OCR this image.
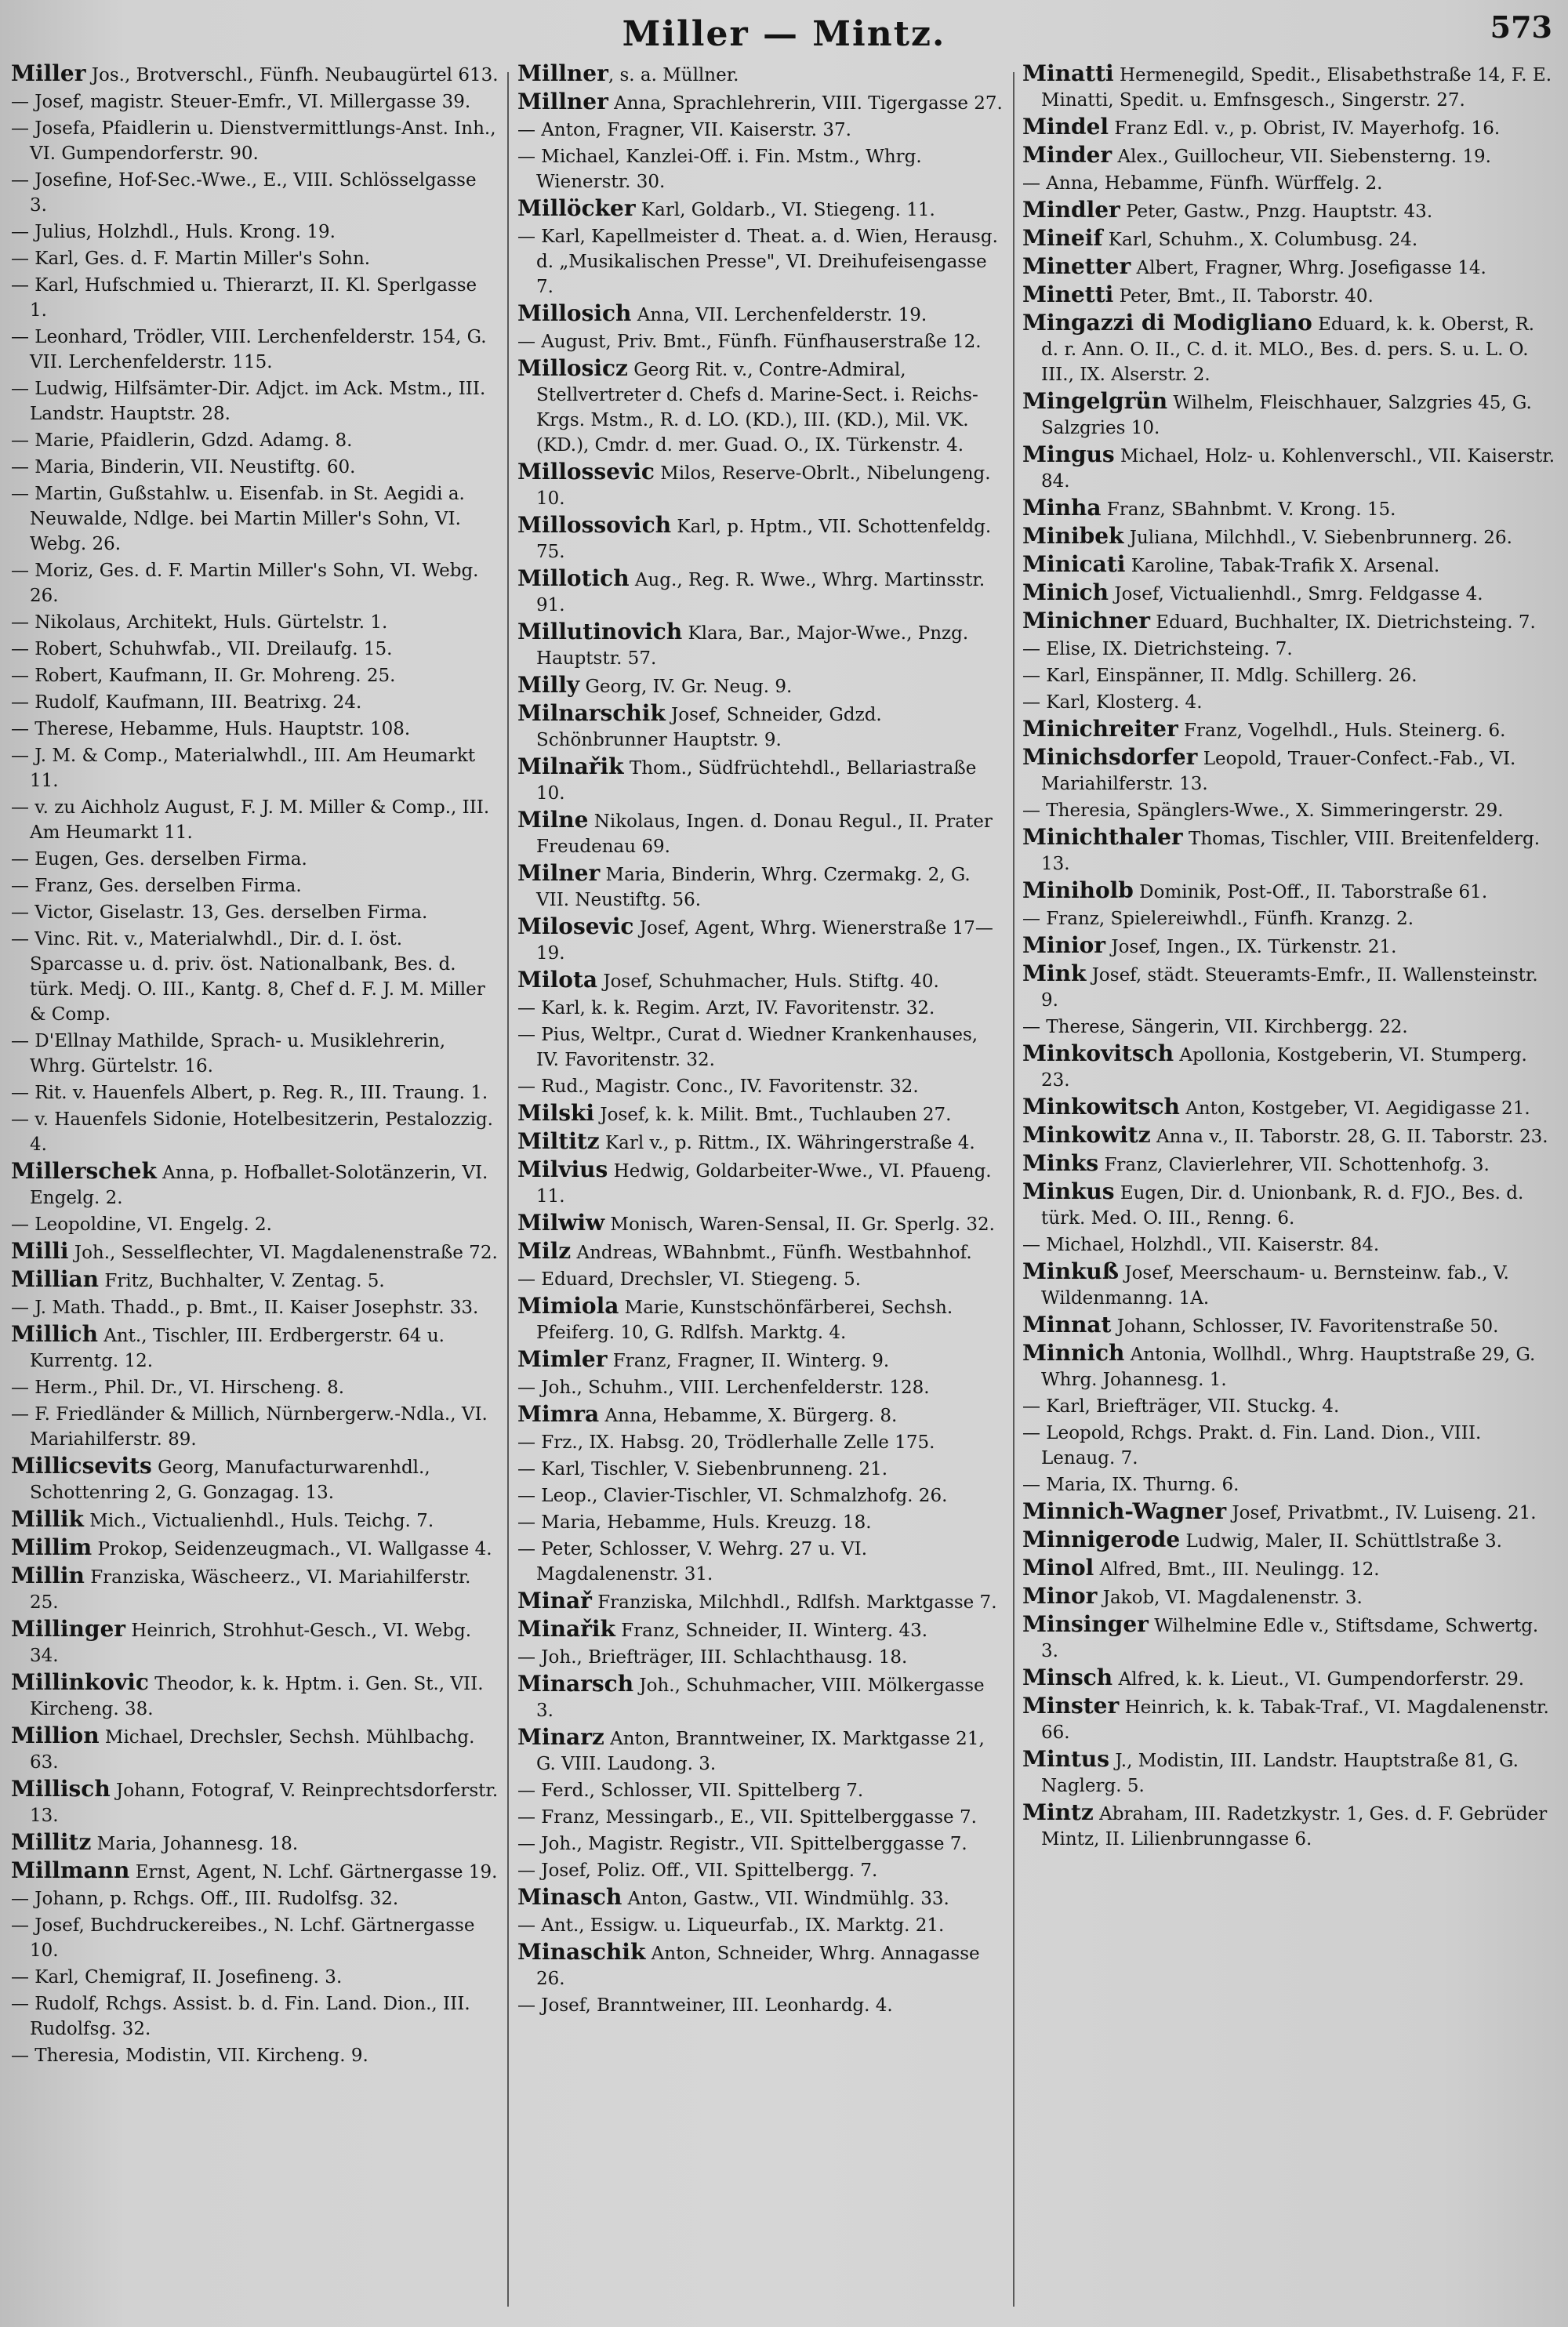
Miller — Mintz.	573
Miller Jos., Brotverschl., Fünfh. Neubaugürtel 613.
— Josef, magistr. Steuer-Emfr., VI. Millergasse 39.
— Josefa, Pfaidlerin u. Dienstvermittlungs-Anst. Inh., VI. Gumpendorferstr. 90.
— Josefine, Hof-Sec.-Wwe., E., VIII. Schlösselgasse 3.
— Julius, Holzhdl., Huls. Krong. 19.
— Karl, Ges. d. F. Martin Miller's Sohn.
— Karl, Hufschmied u. Thierarzt, II. Kl. Sperlgasse 1.
— Leonhard, Trödler, VIII. Lerchenfelderstr. 154, G. VII. Lerchenfelderstr. 115.
— Ludwig, Hilfsämter-Dir. Adjct. im Ack. Mstm., III. Landstr. Hauptstr. 28.
— Marie, Pfaidlerin, Gdzd. Adamg. 8.
— Maria, Binderin, VII. Neustiftg. 60.
— Martin, Gußstahlw. u. Eisenfab. in St. Aegidi a. Neuwalde, Ndlge. bei Martin Miller's Sohn, VI. Webg. 26.
— Moriz, Ges. d. F. Martin Miller's Sohn, VI. Webg. 26.
— Nikolaus, Architekt, Huls. Gürtelstr. 1.
— Robert, Schuhwfab., VII. Dreilaufg. 15.
— Robert, Kaufmann, II. Gr. Mohreng. 25.
— Rudolf, Kaufmann, III. Beatrixg. 24.
— Therese, Hebamme, Huls. Hauptstr. 108.
— J. M. & Comp., Materialwhdl., III. Am Heumarkt 11.
— v. zu Aichholz August, F. J. M. Miller & Comp., III. Am Heumarkt 11.
— Eugen, Ges. derselben Firma.
— Franz, Ges. derselben Firma.
— Victor, Giselastr. 13, Ges. derselben Firma.
— Vinc. Rit. v., Materialwhdl., Dir. d. I. öst. Sparcasse u. d. priv. öst. Nationalbank, Bes. d. türk. Medj. O. III., Kantg. 8, Chef d. F. J. M. Miller & Comp.
— D'Ellnay Mathilde, Sprach- u. Musiklehrerin, Whrg. Gürtelstr. 16.
— Rit. v. Hauenfels Albert, p. Reg. R., III. Traung. 1.
— v. Hauenfels Sidonie, Hotelbesitzerin, Pestalozzig. 4.
Millerschek Anna, p. Hofballet-Solotänzerin, VI. Engelg. 2.
— Leopoldine, VI. Engelg. 2.
Milli Joh., Sesselflechter, VI. Magdalenenstraße 72.
Millian Fritz, Buchhalter, V. Zentag. 5.
— J. Math. Thadd., p. Bmt., II. Kaiser Josephstr. 33.
Millich Ant., Tischler, III. Erdbergerstr. 64 u. Kurrentg. 12.
— Herm., Phil. Dr., VI. Hirscheng. 8.
— F. Friedländer & Millich, Nürnbergerw.-Ndla., VI. Mariahilferstr. 89.
Millicsevits Georg, Manufacturwarenhdl., Schottenring 2, G. Gonzagag. 13.
Millik Mich., Victualienhdl., Huls. Teichg. 7.
Millim Prokop, Seidenzeugmach., VI. Wallgasse 4.
Millin Franziska, Wäscheerz., VI. Mariahilferstr. 25.
Millinger Heinrich, Strohhut-Gesch., VI. Webg. 34.
Millinkovic Theodor, k. k. Hptm. i. Gen. St., VII. Kircheng. 38.
Million Michael, Drechsler, Sechsh. Mühlbachg. 63.
Millisch Johann, Fotograf, V. Reinprechtsdorferstr. 13.
Millitz Maria, Johannesg. 18.
Millmann Ernst, Agent, N. Lchf. Gärtnergasse 19.
— Johann, p. Rchgs. Off., III. Rudolfsg. 32.
— Josef, Buchdruckereibes., N. Lchf. Gärtnergasse 10.
— Karl, Chemigraf, II. Josefineng. 3.
— Rudolf, Rchgs. Assist. b. d. Fin. Land. Dion., III. Rudolfsg. 32.
— Theresia, Modistin, VII. Kircheng. 9.
Millner, s. a. Müllner.
Millner Anna, Sprachlehrerin, VIII. Tigergasse 27.
— Anton, Fragner, VII. Kaiserstr. 37.
— Michael, Kanzlei-Off. i. Fin. Mstm., Whrg. Wienerstr. 30.
Millöcker Karl, Goldarb., VI. Stiegeng. 11.
— Karl, Kapellmeister d. Theat. a. d. Wien, Herausg. d. „Musikalischen Presse", VI. Dreihufeisengasse 7.
Millosich Anna, VII. Lerchenfelderstr. 19.
— August, Priv. Bmt., Fünfh. Fünfhauserstraße 12.
Millosicz Georg Rit. v., Contre-Admiral, Stellvertreter d. Chefs d. Marine-Sect. i. Reichs-Krgs. Mstm., R. d. LO. (KD.), III. (KD.), Mil. VK. (KD.), Cmdr. d. mer. Guad. O., IX. Türkenstr. 4.
Millossevic Milos, Reserve-Obrlt., Nibelungeng. 10.
Millossovich Karl, p. Hptm., VII. Schottenfeldg. 75.
Millotich Aug., Reg. R. Wwe., Whrg. Martinsstr. 91.
Millutinovich Klara, Bar., Major-Wwe., Pnzg. Hauptstr. 57.
Milly Georg, IV. Gr. Neug. 9.
Milnarschik Josef, Schneider, Gdzd. Schönbrunner Hauptstr. 9.
Milnařik Thom., Südfrüchtehdl., Bellariastraße 10.
Milne Nikolaus, Ingen. d. Donau Regul., II. Prater Freudenau 69.
Milner Maria, Binderin, Whrg. Czermakg. 2, G. VII. Neustiftg. 56.
Milosevic Josef, Agent, Whrg. Wienerstraße 17—19.
Milota Josef, Schuhmacher, Huls. Stiftg. 40.
— Karl, k. k. Regim. Arzt, IV. Favoritenstr. 32.
— Pius, Weltpr., Curat d. Wiedner Krankenhauses, IV. Favoritenstr. 32.
— Rud., Magistr. Conc., IV. Favoritenstr. 32.
Milski Josef, k. k. Milit. Bmt., Tuchlauben 27.
Miltitz Karl v., p. Rittm., IX. Währingerstraße 4.
Milvius Hedwig, Goldarbeiter-Wwe., VI. Pfaueng. 11.
Milwiw Monisch, Waren-Sensal, II. Gr. Sperlg. 32.
Milz Andreas, WBahnbmt., Fünfh. Westbahnhof.
— Eduard, Drechsler, VI. Stiegeng. 5.
Mimiola Marie, Kunstschönfärberei, Sechsh. Pfeiferg. 10, G. Rdlfsh. Marktg. 4.
Mimler Franz, Fragner, II. Winterg. 9.
— Joh., Schuhm., VIII. Lerchenfelderstr. 128.
Mimra Anna, Hebamme, X. Bürgerg. 8.
— Frz., IX. Habsg. 20, Trödlerhalle Zelle 175.
— Karl, Tischler, V. Siebenbrunneng. 21.
— Leop., Clavier-Tischler, VI. Schmalzhofg. 26.
— Maria, Hebamme, Huls. Kreuzg. 18.
— Peter, Schlosser, V. Wehrg. 27 u. VI. Magdalenenstr. 31.
Minař Franziska, Milchhdl., Rdlfsh. Marktgasse 7.
Minařik Franz, Schneider, II. Winterg. 43.
— Joh., Briefträger, III. Schlachthausg. 18.
Minarsch Joh., Schuhmacher, VIII. Mölkergasse 3.
Minarz Anton, Branntweiner, IX. Marktgasse 21, G. VIII. Laudong. 3.
— Ferd., Schlosser, VII. Spittelberg 7.
— Franz, Messingarb., E., VII. Spittelberggasse 7.
— Joh., Magistr. Registr., VII. Spittelberggasse 7.
— Josef, Poliz. Off., VII. Spittelbergg. 7.
Minasch Anton, Gastw., VII. Windmühlg. 33.
— Ant., Essigw. u. Liqueurfab., IX. Marktg. 21.
Minaschik Anton, Schneider, Whrg. Annagasse 26.
— Josef, Branntweiner, III. Leonhardg. 4.
Minatti Hermenegild, Spedit., Elisabethstraße 14, F. E. Minatti, Spedit. u. Emfnsgesch., Singerstr. 27.
Mindel Franz Edl. v., p. Obrist, IV. Mayerhofg. 16.
Minder Alex., Guillocheur, VII. Siebensterng. 19.
— Anna, Hebamme, Fünfh. Würffelg. 2.
Mindler Peter, Gastw., Pnzg. Hauptstr. 43.
Mineif Karl, Schuhm., X. Columbusg. 24.
Minetter Albert, Fragner, Whrg. Josefigasse 14.
Minetti Peter, Bmt., II. Taborstr. 40.
Mingazzi di Modigliano Eduard, k. k. Oberst, R. d. r. Ann. O. II., C. d. it. MLO., Bes. d. pers. S. u. L. O. III., IX. Alserstr. 2.
Mingelgrün Wilhelm, Fleischhauer, Salzgries 45, G. Salzgries 10.
Mingus Michael, Holz- u. Kohlenverschl., VII. Kaiserstr. 84.
Minha Franz, SBahnbmt. V. Krong. 15.
Minibek Juliana, Milchhdl., V. Siebenbrunnerg. 26.
Minicati Karoline, Tabak-Trafik X. Arsenal.
Minich Josef, Victualienhdl., Smrg. Feldgasse 4.
Minichner Eduard, Buchhalter, IX. Dietrichsteing. 7.
— Elise, IX. Dietrichsteing. 7.
— Karl, Einspänner, II. Mdlg. Schillerg. 26.
— Karl, Klosterg. 4.
Minichreiter Franz, Vogelhdl., Huls. Steinerg. 6.
Minichsdorfer Leopold, Trauer-Confect.-Fab., VI. Mariahilferstr. 13.
— Theresia, Spänglers-Wwe., X. Simmeringerstr. 29.
Minichthaler Thomas, Tischler, VIII. Breitenfelderg. 13.
Miniholb Dominik, Post-Off., II. Taborstraße 61.
— Franz, Spielereiwhdl., Fünfh. Kranzg. 2.
Minior Josef, Ingen., IX. Türkenstr. 21.
Mink Josef, städt. Steueramts-Emfr., II. Wallensteinstr. 9.
— Therese, Sängerin, VII. Kirchbergg. 22.
Minkovitsch Apollonia, Kostgeberin, VI. Stumperg. 23.
Minkowitsch Anton, Kostgeber, VI. Aegidigasse 21.
Minkowitz Anna v., II. Taborstr. 28, G. II. Taborstr. 23.
Minks Franz, Clavierlehrer, VII. Schottenhofg. 3.
Minkus Eugen, Dir. d. Unionbank, R. d. FJO., Bes. d. türk. Med. O. III., Renng. 6.
— Michael, Holzhdl., VII. Kaiserstr. 84.
Minkuß Josef, Meerschaum- u. Bernsteinw. fab., V. Wildenmanng. 1A.
Minnat Johann, Schlosser, IV. Favoritenstraße 50.
Minnich Antonia, Wollhdl., Whrg. Hauptstraße 29, G. Whrg. Johannesg. 1.
— Karl, Briefträger, VII. Stuckg. 4.
— Leopold, Rchgs. Prakt. d. Fin. Land. Dion., VIII. Lenaug. 7.
— Maria, IX. Thurng. 6.
Minnich-Wagner Josef, Privatbmt., IV. Luiseng. 21.
Minnigerode Ludwig, Maler, II. Schüttlstraße 3.
Minol Alfred, Bmt., III. Neulingg. 12.
Minor Jakob, VI. Magdalenenstr. 3.
Minsinger Wilhelmine Edle v., Stiftsdame, Schwertg. 3.
Minsch Alfred, k. k. Lieut., VI. Gumpendorferstr. 29.
Minster Heinrich, k. k. Tabak-Traf., VI. Magdalenenstr. 66.
Mintus J., Modistin, III. Landstr. Hauptstraße 81, G. Naglerg. 5.
Mintz Abraham, III. Radetzkystr. 1, Ges. d. F. Gebrüder Mintz, II. Lilienbrunngasse 6.
